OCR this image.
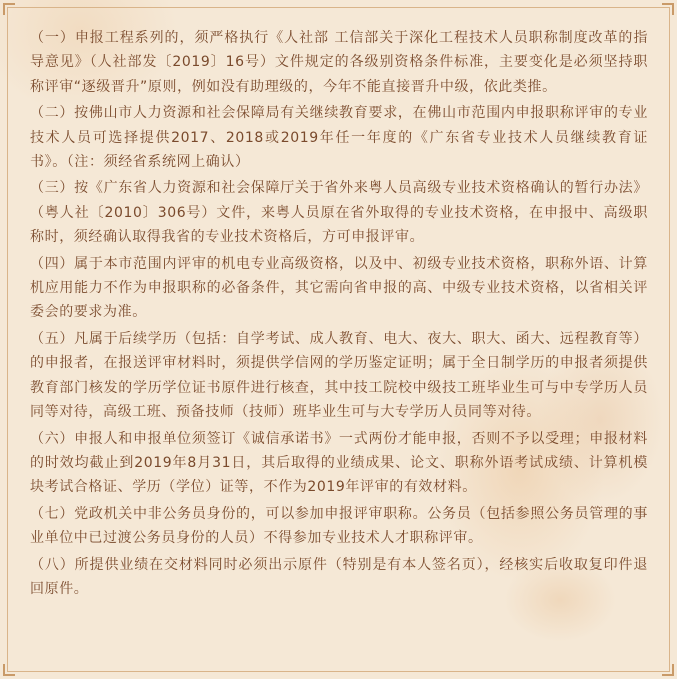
（一）申报工程系列的，须严格执行《人社部 工信部关于深化工程技术人员职称制度改革的指导意见》（人社部发〔2019〕16号）文件规定的各级别资格条件标准，主要变化是必须坚持职称评审“逐级晋升”原则，例如没有助理级的，今年不能直接晋升中级，依此类推。

（二）按佛山市人力资源和社会保障局有关继续教育要求，在佛山市范围内申报职称评审的专业技术人员可选择提供2017、2018或2019年任一年度的《广东省专业技术人员继续教育证书》。（注：须经省系统网上确认）

（三）按《广东省人力资源和社会保障厅关于省外来粤人员高级专业技术资格确认的暂行办法》（粤人社〔2010〕306号）文件，来粤人员原在省外取得的专业技术资格，在申报中、高级职称时，须经确认取得我省的专业技术资格后，方可申报评审。

（四）属于本市范围内评审的机电专业高级资格，以及中、初级专业技术资格，职称外语、计算机应用能力不作为申报职称的必备条件，其它需向省申报的高、中级专业技术资格，以省相关评委会的要求为准。

（五）凡属于后续学历（包括：自学考试、成人教育、电大、夜大、职大、函大、远程教育等）的申报者，在报送评审材料时，须提供学信网的学历鉴定证明；属于全日制学历的申报者须提供教育部门核发的学历学位证书原件进行核查，其中技工院校中级技工班毕业生可与中专学历人员同等对待，高级工班、预备技师（技师）班毕业生可与大专学历人员同等对待。

（六）申报人和申报单位须签订《诚信承诺书》一式两份才能申报，否则不予以受理；申报材料的时效均截止到2019年8月31日，其后取得的业绩成果、论文、职称外语考试成绩、计算机模块考试合格证、学历（学位）证等，不作为2019年评审的有效材料。

（七）党政机关中非公务员身份的，可以参加申报评审职称。公务员（包括参照公务员管理的事业单位中已过渡公务员身份的人员）不得参加专业技术人才职称评审。

（八）所提供业绩在交材料同时必须出示原件（特别是有本人签名页），经核实后收取复印件退回原件。
